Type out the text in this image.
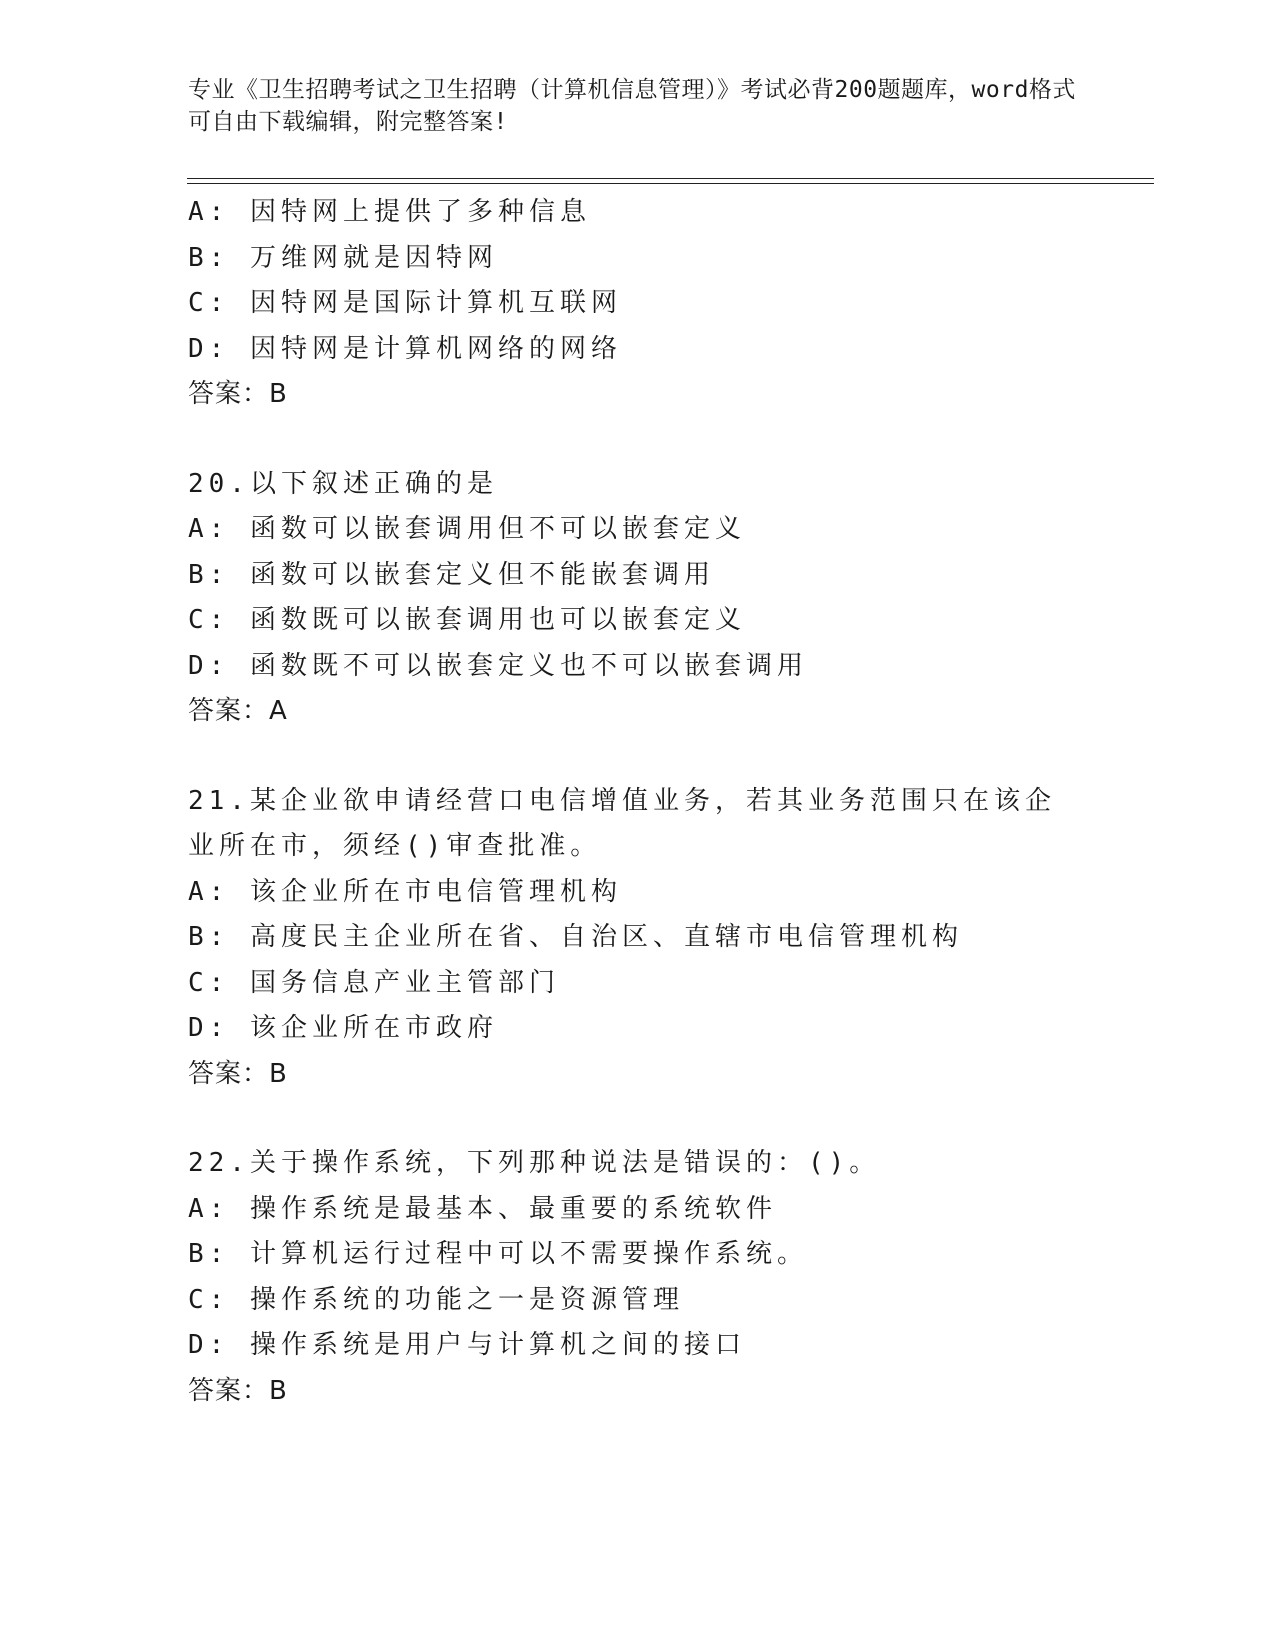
专业《卫生招聘考试之卫生招聘（计算机信息管理）》考试必背200题题库，word格式可自由下载编辑，附完整答案!
A: 因特网上提供了多种信息
B: 万维网就是因特网
C: 因特网是国际计算机互联网
D: 因特网是计算机网络的网络
答案：B
20.以下叙述正确的是
A: 函数可以嵌套调用但不可以嵌套定义
B: 函数可以嵌套定义但不能嵌套调用
C: 函数既可以嵌套调用也可以嵌套定义
D: 函数既不可以嵌套定义也不可以嵌套调用
答案：A
21.某企业欲申请经营口电信增值业务，若其业务范围只在该企业所在市，须经()审查批准。
A: 该企业所在市电信管理机构
B: 高度民主企业所在省、自治区、直辖市电信管理机构
C: 国务信息产业主管部门
D: 该企业所在市政府
答案：B
22.关于操作系统，下列那种说法是错误的：()。
A: 操作系统是最基本、最重要的系统软件
B: 计算机运行过程中可以不需要操作系统。
C: 操作系统的功能之一是资源管理
D: 操作系统是用户与计算机之间的接口
答案：B
